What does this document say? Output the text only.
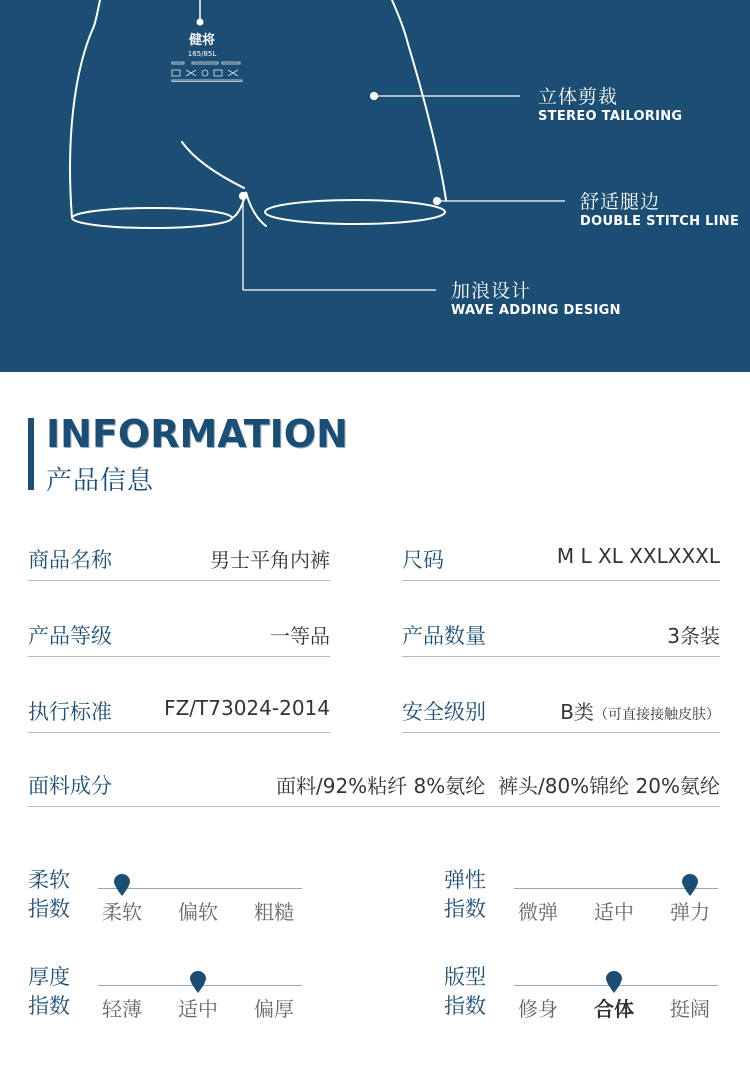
健将
165/85L
立体剪裁
STEREO TAILORING
舒适腿边
DOUBLE STITCH LINE
加浪设计
WAVE ADDING DESIGN
INFORMATION
产品信息
商品名称	男士平角内裤	尺码	M L XL XXLXXXL
产品等级	一等品	产品数量	3条装
执行标准	FZ/T73024-2014	安全级别	B类（可直接接触皮肤）
面料成分	面料/92%粘纤 8%氨纶  裤头/80%锦纶 20%氨纶
柔软
指数	柔软 偏软 粗糙
弹性
指数	微弹 适中 弹力
厚度
指数	轻薄 适中 偏厚
版型
指数	修身 合体 挺阔
